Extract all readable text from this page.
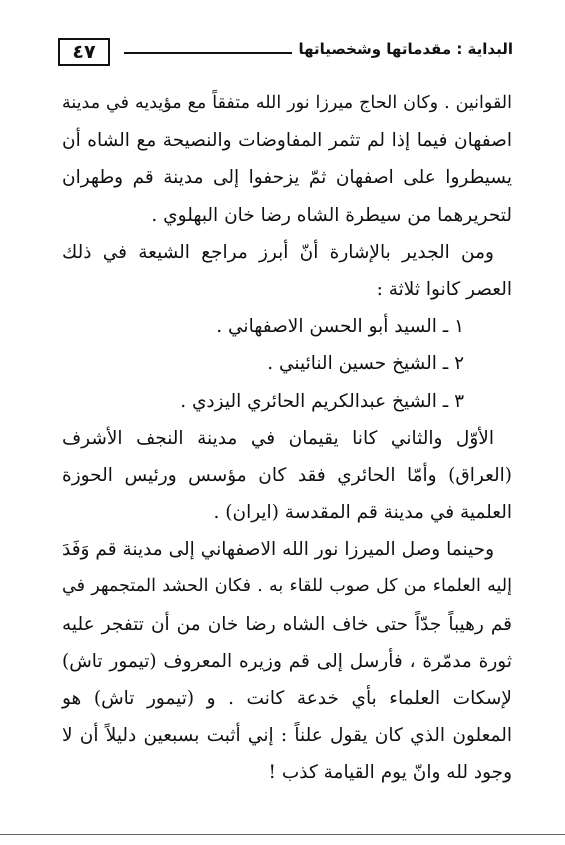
٤٧	البداية : مقدماتها وشخصياتها
القوانين . وكان الحاج ميرزا نور الله متفقاً مع مؤيديه في مدينة
اصفهان فيما إذا لم تثمر المفاوضات والنصيحة مع الشاه أن
يسيطروا على اصفهان ثمّ يزحفوا إلى مدينة قم وطهران
لتحريرهما من سيطرة الشاه رضا خان البهلوي .
ومن الجدير بالإشارة أنّ أبرز مراجع الشيعة في ذلك
العصر كانوا ثلاثة :
١ ـ السيد أبو الحسن الاصفهاني .
٢ ـ الشيخ حسين النائيني .
٣ ـ الشيخ عبدالكريم الحائري اليزدي .
الأوّل والثاني كانا يقيمان في مدينة النجف الأشرف
(العراق) وأمّا الحائري فقد كان مؤسس ورئيس الحوزة
العلمية في مدينة قم المقدسة (ايران) .
وحينما وصل الميرزا نور الله الاصفهاني إلى مدينة قم وَفَدَ
إليه العلماء من كل صوب للقاء به . فكان الحشد المتجمهر في
قم رهيباً جدّاً حتى خاف الشاه رضا خان من أن تتفجر عليه
ثورة مدمّرة ، فأرسل إلى قم وزيره المعروف (تيمور تاش)
لإسكات العلماء بأي خدعة كانت . و (تيمور تاش) هو
المعلون الذي كان يقول علناً : إني أثبت بسبعين دليلاً أن لا
وجود لله وانّ يوم القيامة كذب !
